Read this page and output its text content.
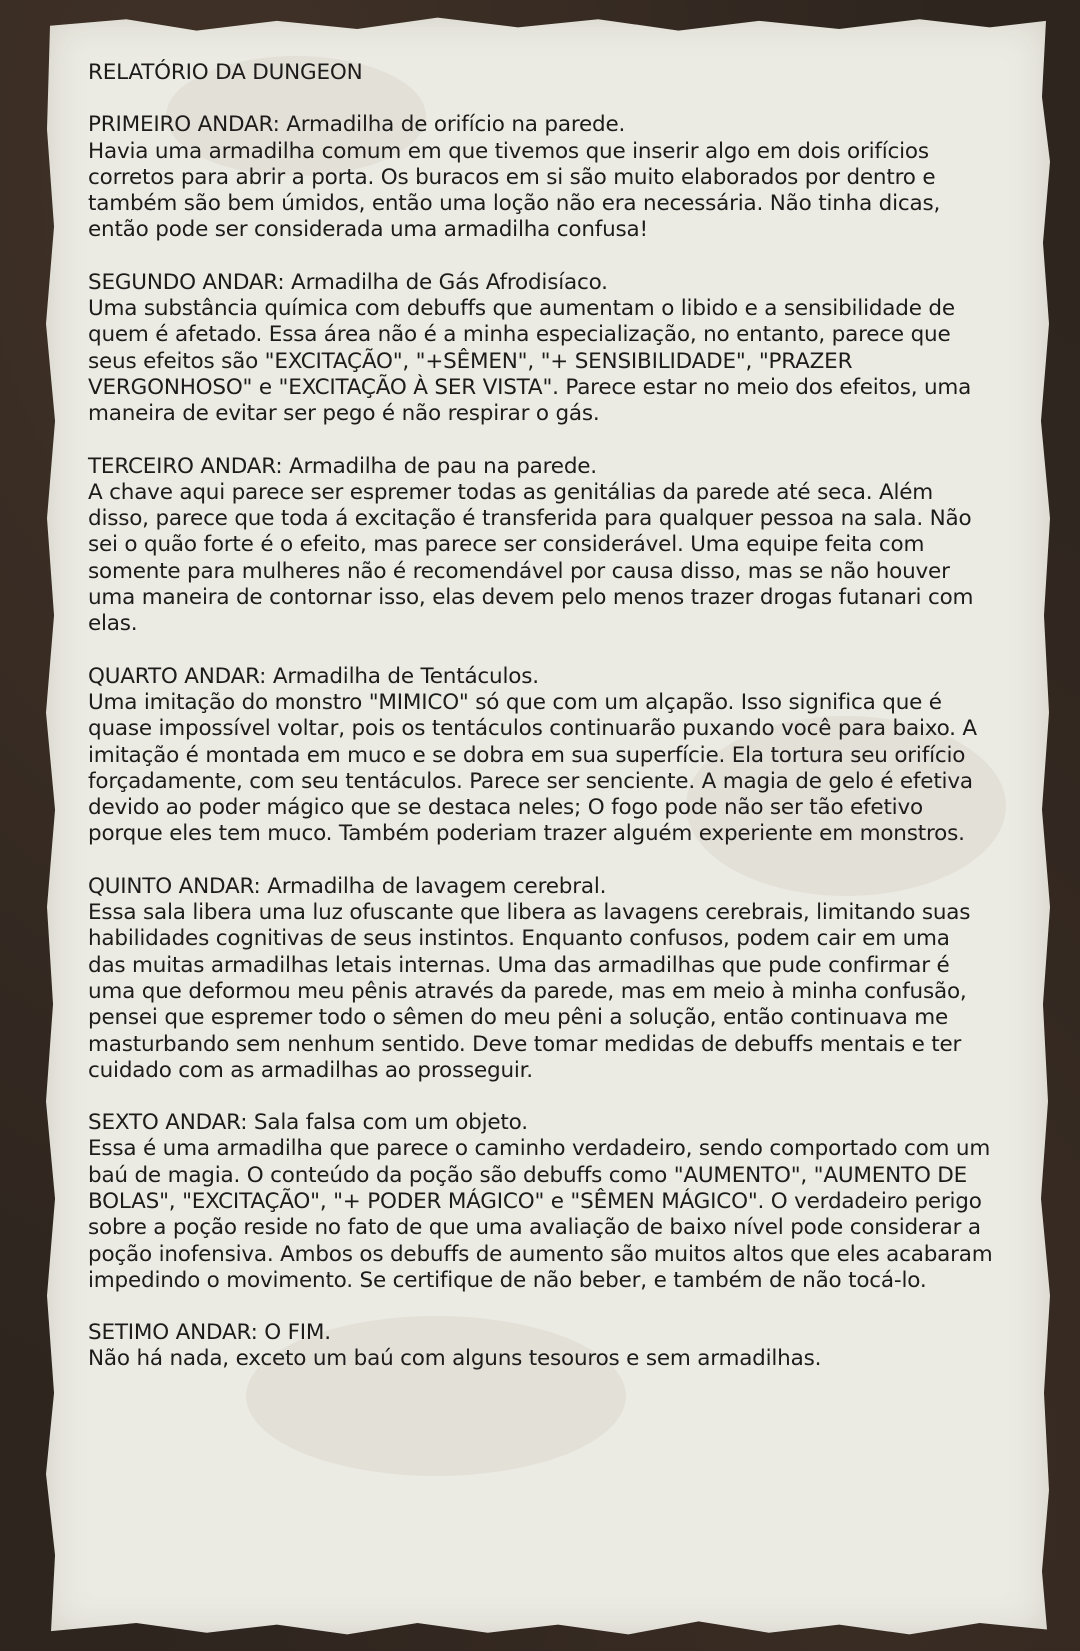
RELATÓRIO DA DUNGEON

PRIMEIRO ANDAR: Armadilha de orifício na parede.

Havia uma armadilha comum em que tivemos que inserir algo em dois orifícios corretos para abrir a porta. Os buracos em si são muito elaborados por dentro e também são bem úmidos, então uma loção não era necessária. Não tinha dicas, então pode ser considerada uma armadilha confusa!

SEGUNDO ANDAR: Armadilha de Gás Afrodisíaco.

Uma substância química com debuffs que aumentam o libido e a sensibilidade de quem é afetado. Essa área não é a minha especialização, no entanto, parece que seus efeitos são "EXCITAÇÃO", "+SÊMEN", "+ SENSIBILIDADE", "PRAZER VERGONHOSO" e "EXCITAÇÃO À SER VISTA". Parece estar no meio dos efeitos, uma maneira de evitar ser pego é não respirar o gás.

TERCEIRO ANDAR: Armadilha de pau na parede.

A chave aqui parece ser espremer todas as genitálias da parede até seca. Além disso, parece que toda á excitação é transferida para qualquer pessoa na sala. Não sei o quão forte é o efeito, mas parece ser considerável. Uma equipe feita com somente para mulheres não é recomendável por causa disso, mas se não houver uma maneira de contornar isso, elas devem pelo menos trazer drogas futanari com elas.

QUARTO ANDAR: Armadilha de Tentáculos.

Uma imitação do monstro "MIMICO" só que com um alçapão. Isso significa que é quase impossível voltar, pois os tentáculos continuarão puxando você para baixo. A imitação é montada em muco e se dobra em sua superfície. Ela tortura seu orifício forçadamente, com seu tentáculos. Parece ser senciente. A magia de gelo é efetiva devido ao poder mágico que se destaca neles; O fogo pode não ser tão efetivo porque eles tem muco. Também poderiam trazer alguém experiente em monstros.

QUINTO ANDAR: Armadilha de lavagem cerebral.

Essa sala libera uma luz ofuscante que libera as lavagens cerebrais, limitando suas habilidades cognitivas de seus instintos. Enquanto confusos, podem cair em uma das muitas armadilhas letais internas. Uma das armadilhas que pude confirmar é uma que deformou meu pênis através da parede, mas em meio à minha confusão, pensei que espremer todo o sêmen do meu pêni a solução, então continuava me masturbando sem nenhum sentido. Deve tomar medidas de debuffs mentais e ter cuidado com as armadilhas ao prosseguir.

SEXTO ANDAR: Sala falsa com um objeto.

Essa é uma armadilha que parece o caminho verdadeiro, sendo comportado com um baú de magia. O conteúdo da poção são debuffs como "AUMENTO", "AUMENTO DE BOLAS", "EXCITAÇÃO", "+ PODER MÁGICO" e "SÊMEN MÁGICO". O verdadeiro perigo sobre a poção reside no fato de que uma avaliação de baixo nível pode considerar a poção inofensiva. Ambos os debuffs de aumento são muitos altos que eles acabaram impedindo o movimento. Se certifique de não beber, e também de não tocá-lo.

SETIMO ANDAR: O FIM.

Não há nada, exceto um baú com alguns tesouros e sem armadilhas.
